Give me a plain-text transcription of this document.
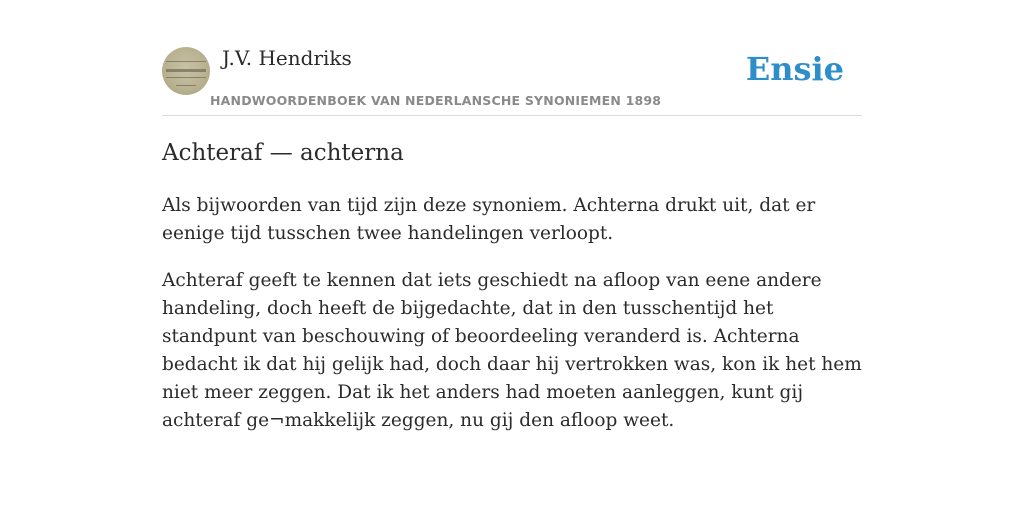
J.V. Hendriks
HANDWOORDENBOEK VAN NEDERLANSCHE SYNONIEMEN 1898
Ensie
Achteraf — achterna

Als bijwoorden van tijd zijn deze synoniem. Achterna drukt uit, dat er eenige tijd tusschen twee handelingen verloopt.

Achteraf geeft te kennen dat iets geschiedt na afloop van eene andere handeling, doch heeft de bijgedachte, dat in den tusschentijd het standpunt van beschouwing of beoordeeling veranderd is. Achterna bedacht ik dat hij gelijk had, doch daar hij vertrokken was, kon ik het hem niet meer zeggen. Dat ik het anders had moeten aanleggen, kunt gij achteraf ge¬makkelijk zeggen, nu gij den afloop weet.
